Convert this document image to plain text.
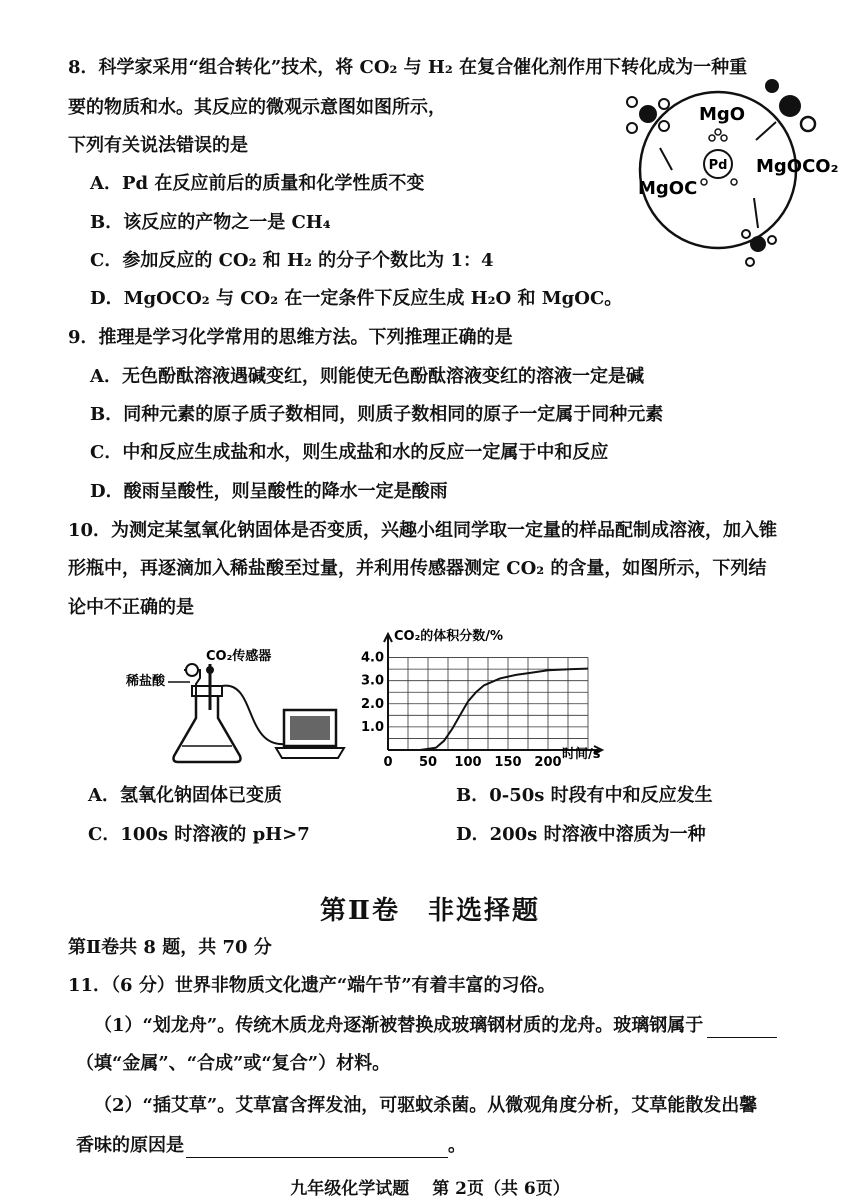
8．科学家采用“组合转化”技术，将 CO₂ 与 H₂ 在复合催化剂作用下转化成为一种重
要的物质和水。其反应的微观示意图如图所示，
下列有关说法错误的是
A．Pd 在反应前后的质量和化学性质不变
B．该反应的产物之一是 CH₄
C．参加反应的 CO₂ 和 H₂ 的分子个数比为 1：4
D．MgOCO₂ 与 CO₂ 在一定条件下反应生成 H₂O 和 MgOC。
Pd
MgO
MgOCO₂
MgOC
9．推理是学习化学常用的思维方法。下列推理正确的是
A．无色酚酞溶液遇碱变红，则能使无色酚酞溶液变红的溶液一定是碱
B．同种元素的原子质子数相同，则质子数相同的原子一定属于同种元素
C．中和反应生成盐和水，则生成盐和水的反应一定属于中和反应
D．酸雨呈酸性，则呈酸性的降水一定是酸雨
10．为测定某氢氧化钠固体是否变质，兴趣小组同学取一定量的样品配制成溶液，加入锥
形瓶中，再逐滴加入稀盐酸至过量，并利用传感器测定 CO₂ 的含量，如图所示，下列结
论中不正确的是
稀盐酸
CO₂传感器
0 50 100 150 200
1.0
2.0
3.0
4.0
CO₂的体积分数/%
时间/s
A．氢氧化钠固体已变质	B．0-50s 时段有中和反应发生
C．100s 时溶液的 pH>7	D．200s 时溶液中溶质为一种
第Ⅱ卷　非选择题
第Ⅱ卷共 8 题，共 70 分
11．（6 分）世界非物质文化遗产“端午节”有着丰富的习俗。
（1）“划龙舟”。传统木质龙舟逐渐被替换成玻璃钢材质的龙舟。玻璃钢属于
（填“金属”、“合成”或“复合”）材料。
（2）“插艾草”。艾草富含挥发油，可驱蚊杀菌。从微观角度分析，艾草能散发出馨
香味的原因是	。
九年级化学试题　 第 2页（共 6页）
